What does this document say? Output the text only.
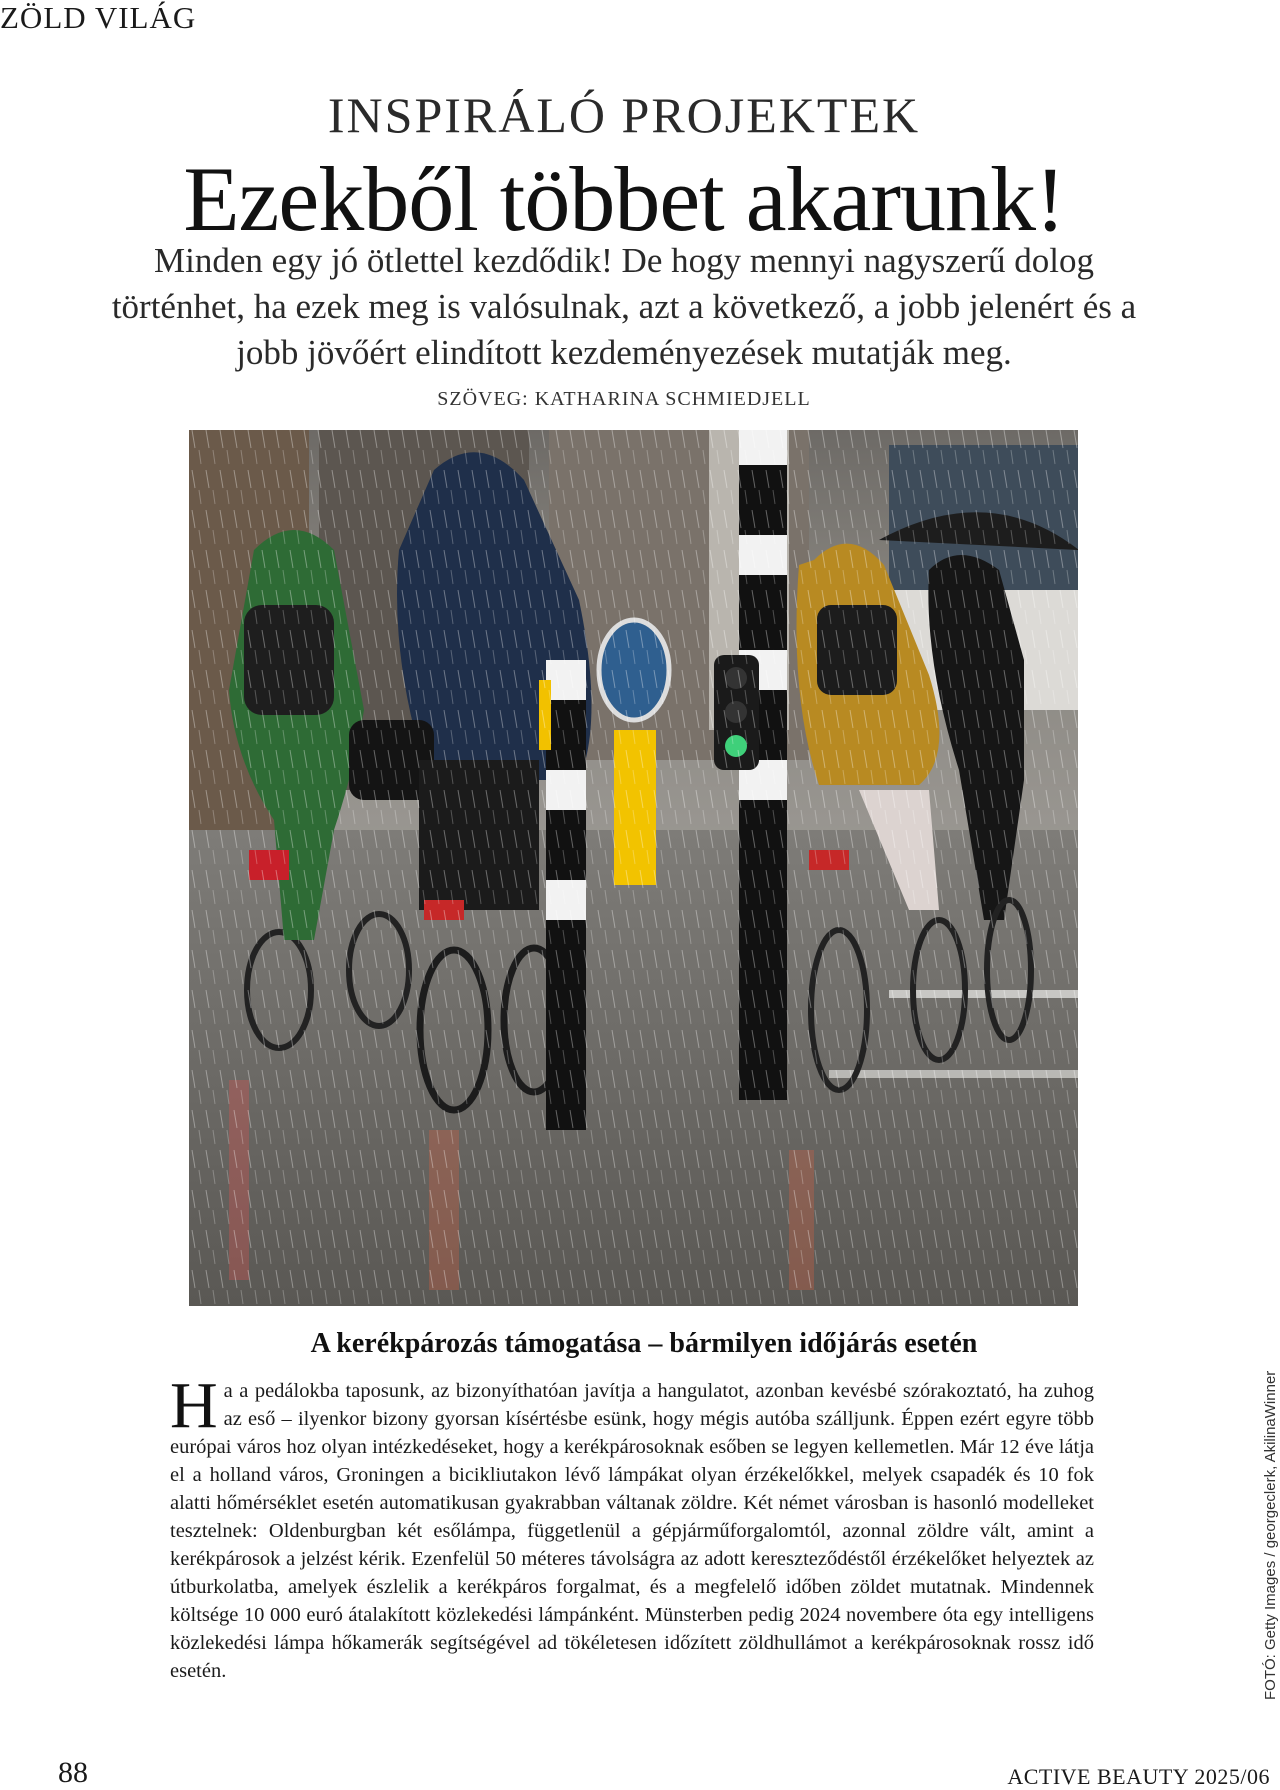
ZÖLD VILÁG
INSPIRÁLÓ PROJEKTEK
Ezekből többet akarunk!
Minden egy jó ötlettel kezdődik! De hogy mennyi nagyszerű dolog történhet, ha ezek meg is valósulnak, azt a következő, a jobb jelenért és a jobb jövőért elindított kezdeményezések mutatják meg.
SZÖVEG: KATHARINA SCHMIEDJELL
A kerékpározás támogatása – bármilyen időjárás esetén
Ha a pedálokba taposunk, az bizonyíthatóan javítja a hangulatot, azonban kevésbé szórakoztató, ha zuhog az eső – ilyenkor bizony gyorsan kísértésbe esünk, hogy mégis autóba szálljunk. Éppen ezért egyre több európai város hoz olyan intézkedéseket, hogy a kerékpárosoknak esőben se legyen kellemetlen. Már 12 éve látja el a holland város, Groningen a bicikliutakon lévő lámpákat olyan érzékelőkkel, melyek csapadék és 10 fok alatti hőmérséklet esetén automatikusan gyakrabban váltanak zöldre. Két német városban is hasonló modelleket tesztelnek: Oldenburgban két esőlámpa, függetlenül a gépjárműforgalomtól, azonnal zöldre vált, amint a kerékpárosok a jelzést kérik. Ezenfelül 50 méteres távolságra az adott kereszteződéstől érzékelőket helyeztek az útburkolatba, amelyek észlelik a kerékpáros forgalmat, és a megfelelő időben zöldet mutatnak. Mindennek költsége 10 000 euró átalakított közlekedési lámpánként. Münsterben pedig 2024 novembere óta egy intelligens közlekedési lámpa hőkamerák segítségével ad tökéletesen időzített zöldhullámot a kerékpárosoknak rossz idő esetén.	FOTÓ: Getty Images / georgeclerk, AkilinaWinner
88	ACTIVE BEAUTY 2025/06
